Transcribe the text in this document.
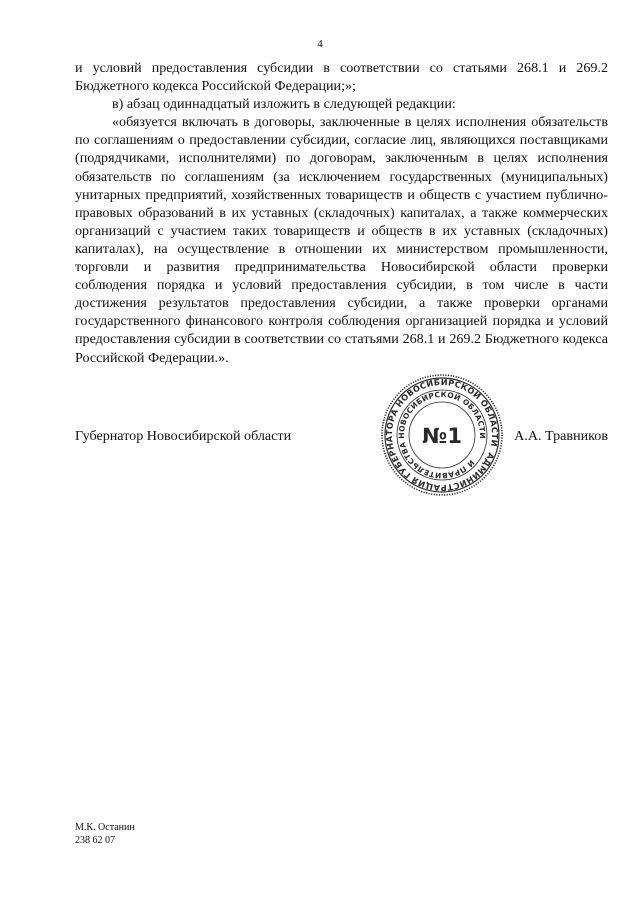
4

и условий предоставления субсидии в соответствии со статьями 268.1 и 269.2 Бюджетного кодекса Российской Федерации;»;

в) абзац одиннадцатый изложить в следующей редакции:

«обязуется включать в договоры, заключенные в целях исполнения обязательств по соглашениям о предоставлении субсидии, согласие лиц, являющихся поставщиками (подрядчиками, исполнителями) по договорам, заключенным в целях исполнения обязательств по соглашениям (за исключением государственных (муниципальных) унитарных предприятий, хозяйственных товариществ и обществ с участием публично-правовых образований в их уставных (складочных) капиталах, а также коммерческих организаций с участием таких товариществ и обществ в их уставных (складочных) капиталах), на осуществление в отношении их министерством промышленности, торговли и развития предпринимательства Новосибирской области проверки соблюдения порядка и условий предоставления субсидии, в том числе в части достижения результатов предоставления субсидии, а также проверки органами государственного финансового контроля соблюдения организацией порядка и условий предоставления субсидии в соответствии со статьями 268.1 и 269.2 Бюджетного кодекса Российской Федерации.».

Губернатор Новосибирской области	А.А. Травников
АДМИНИСТРАЦИЯ ГУБЕРНАТОРА НОВОСИБИРСКОЙ ОБЛАСТИ
И ПРАВИТЕЛЬСТВА НОВОСИБИРСКОЙ ОБЛАСТИ
№1
М.К. Останин
238 62 07
